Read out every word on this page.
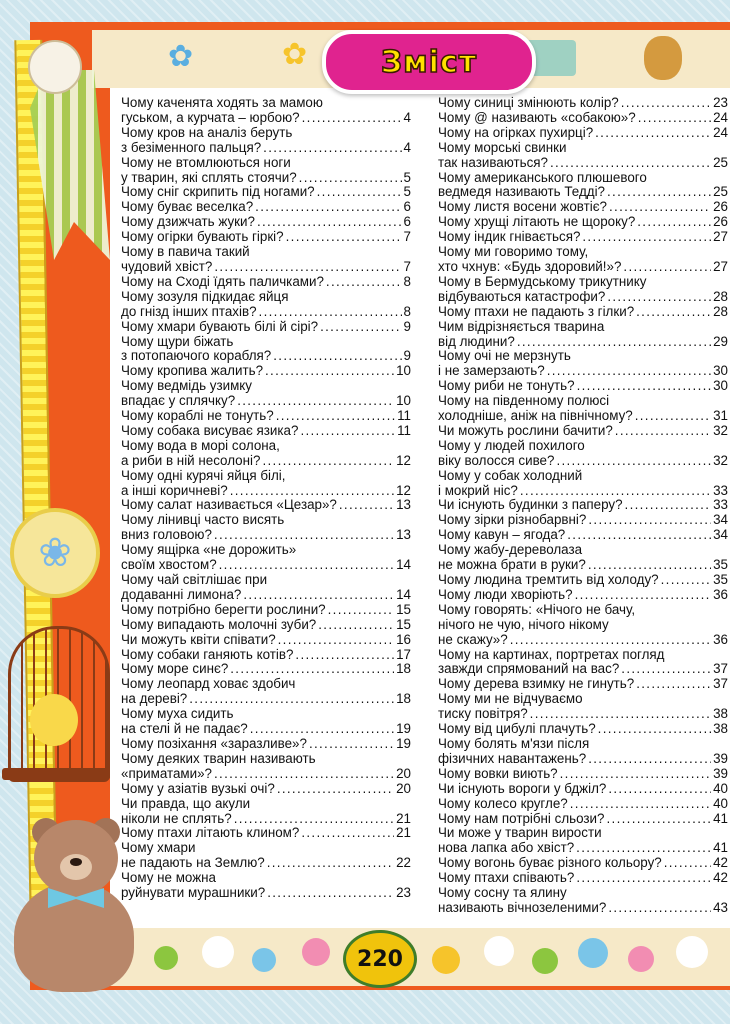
✿	✿
❀
Зміст
Чому каченята ходять за мамою
гуськом, а курчата – юрбою? . . .	4
Чому кров на аналіз беруть
з безіменного пальця? . . .	4
Чому не втомлюються ноги
у тварин, які сплять стоячи? . . .	5
Чому сніг скрипить під ногами? . . .	5
Чому буває веселка? . . .	6
Чому дзижчать жуки? . . .	6
Чому огірки бувають гіркі? . . .	7
Чому в павича такий
чудовий хвіст? . . .	7
Чому на Сході їдять паличками? . . .	8
Чому зозуля підкидає яйця
до гнізд інших птахів? . . .	8
Чому хмари бувають білі й сірі? . . .	9
Чому щури біжать
з потопаючого корабля? . . .	9
Чому кропива жалить? . . .	10
Чому ведмідь узимку
впадає у сплячку? . . .	10
Чому кораблі не тонуть? . . .	11
Чому собака висуває язика? . . .	11
Чому вода в морі солона,
а риби в ній несолоні? . . .	12
Чому одні курячі яйця білі,
а інші коричневі? . . .	12
Чому салат називається «Цезар»? . . .	13
Чому лінивці часто висять
вниз головою? . . .	13
Чому ящірка «не дорожить»
своїм хвостом? . . .	14
Чому чай світлішає при
додаванні лимона? . . .	14
Чому потрібно берегти рослини? . . .	15
Чому випадають молочні зуби? . . .	15
Чи можуть квіти співати? . . .	16
Чому собаки ганяють котів? . . .	17
Чому море синє? . . .	18
Чому леопард ховає здобич
на дереві? . . .	18
Чому муха сидить
на стелі й не падає? . . .	19
Чому позіхання «заразливе»? . . .	19
Чому деяких тварин називають
«приматами»? . . .	20
Чому у азіатів вузькі очі? . . .	20
Чи правда, що акули
ніколи не сплять? . . .	21
Чому птахи літають клином? . . .	21
Чому хмари
не падають на Землю? . . .	22
Чому не можна
руйнувати мурашники? . . .	23
Чому синиці змінюють колір? . . .	23
Чому @ називають «собакою»? . . .	24
Чому на огірках пухирці? . . .	24
Чому морські свинки
так називаються? . . .	25
Чому американського плюшевого
ведмедя називають Тедді? . . .	25
Чому листя восени жовтіє? . . .	26
Чому хрущі літають не щороку? . . .	26
Чому індик гнівається? . . .	27
Чому ми говоримо тому,
хто чхнув: «Будь здоровий!»? . . .	27
Чому в Бермудському трикутнику
відбуваються катастрофи? . . .	28
Чому птахи не падають з гілки? . . .	28
Чим відрізняється тварина
від людини? . . .	29
Чому очі не мерзнуть
і не замерзають? . . .	30
Чому риби не тонуть? . . .	30
Чому на південному полюсі
холодніше, аніж на північному? . . .	31
Чи можуть рослини бачити? . . .	32
Чому у людей похилого
віку волосся сиве? . . .	32
Чому у собак холодний
і мокрий ніс? . . .	33
Чи існують будинки з паперу? . . .	33
Чому зірки різнобарвні? . . .	34
Чому кавун – ягода? . . .	34
Чому жабу-дереволаза
не можна брати в руки? . . .	35
Чому людина тремтить від холоду? . . .	35
Чому люди хворіють? . . .	36
Чому говорять: «Нічого не бачу,
нічого не чую, нічого нікому
не скажу»? . . .	36
Чому на картинах, портретах погляд
завжди спрямований на вас? . . .	37
Чому дерева взимку не гинуть? . . .	37
Чому ми не відчуваємо
тиску повітря? . . .	38
Чому від цибулі плачуть? . . .	38
Чому болять м'язи після
фізичних навантажень? . . .	39
Чому вовки виють? . . .	39
Чи існують вороги у бджіл? . . .	40
Чому колесо кругле? . . .	40
Чому нам потрібні сльози? . . .	41
Чи може у тварин вирости
нова лапка або хвіст? . . .	41
Чому вогонь буває різного кольору? . . .	42
Чому птахи співають? . . .	42
Чому сосну та ялину
називають вічнозеленими? . . .	43
220
